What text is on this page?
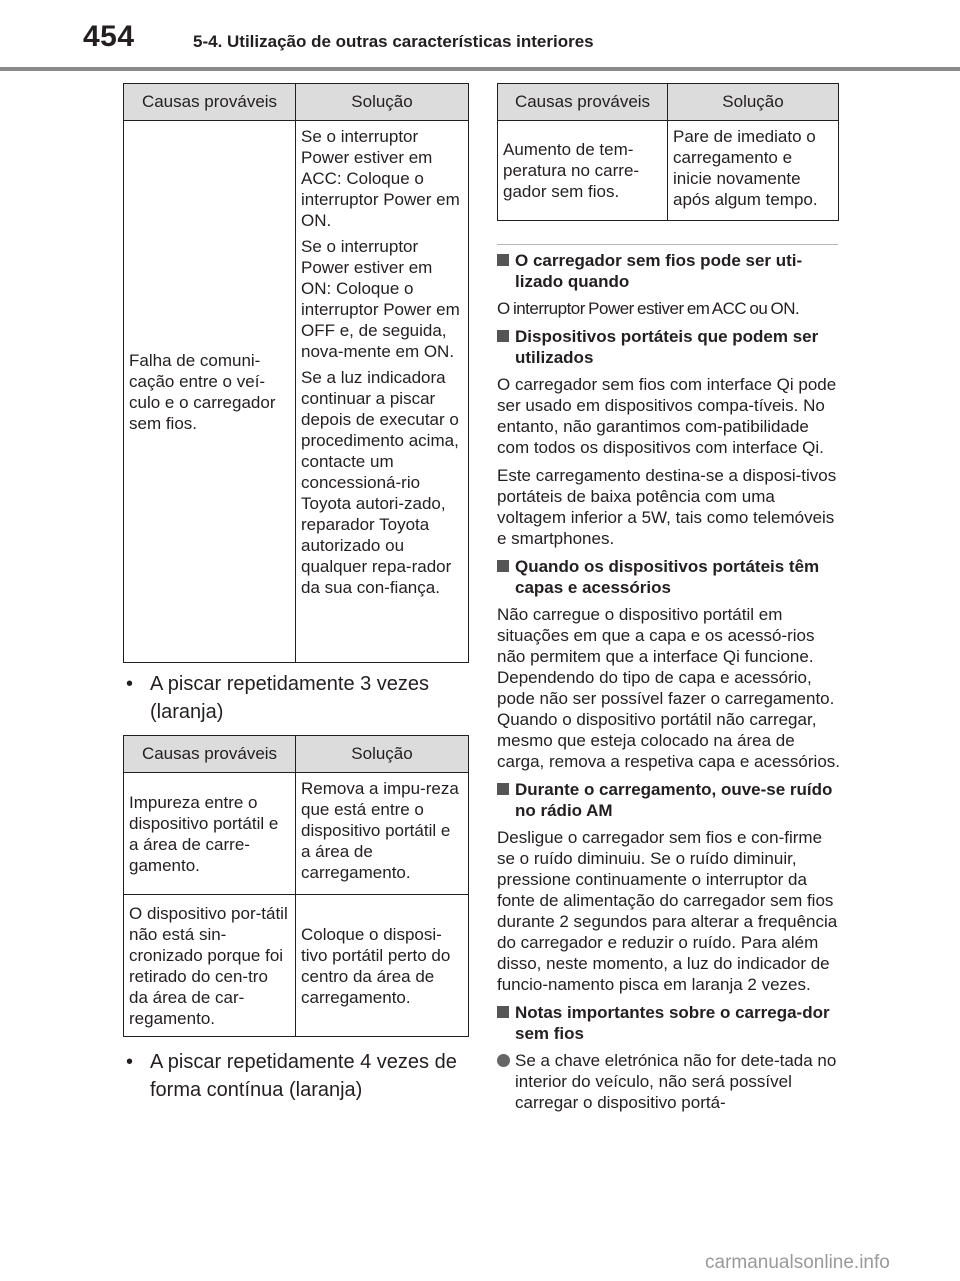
454	5-4. Utilização de outras características interiores
Causas prováveis	Solução
Falha de comuni-cação entre o veí-culo e o carregador sem fios.	Se o interruptor Power estiver em ACC: Coloque o interruptor Power em ON.
Se o interruptor Power estiver em ON: Coloque o interruptor Power em OFF e, de seguida, nova-mente em ON.
Se a luz indicadora continuar a piscar depois de executar o procedimento acima, contacte um concessioná-rio Toyota autori-zado, reparador Toyota autorizado ou qualquer repa-rador da sua con-fiança.
• A piscar repetidamente 3 vezes (laranja)
Causas prováveis	Solução
Impureza entre o dispositivo portátil e a área de carre-gamento.	Remova a impu-reza que está entre o dispositivo portátil e a área de carregamento.
O dispositivo por-tátil não está sin-cronizado porque foi retirado do cen-tro da área de car-regamento.	Coloque o disposi-tivo portátil perto do centro da área de carregamento.
• A piscar repetidamente 4 vezes de forma contínua (laranja)
Causas prováveis	Solução
Aumento de tem-peratura no carre-gador sem fios.	Pare de imediato o carregamento e inicie novamente após algum tempo.
O carregador sem fios pode ser uti-lizado quando
O interruptor Power estiver em ACC ou ON.
Dispositivos portáteis que podem ser utilizados
O carregador sem fios com interface Qi pode ser usado em dispositivos compa-tíveis. No entanto, não garantimos com-patibilidade com todos os dispositivos com interface Qi.
Este carregamento destina-se a disposi-tivos portáteis de baixa potência com uma voltagem inferior a 5W, tais como telemóveis e smartphones.
Quando os dispositivos portáteis têm capas e acessórios
Não carregue o dispositivo portátil em situações em que a capa e os acessó-rios não permitem que a interface Qi funcione. Dependendo do tipo de capa e acessório, pode não ser possível fazer o carregamento. Quando o dispositivo portátil não carregar, mesmo que esteja colocado na área de carga, remova a respetiva capa e acessórios.
Durante o carregamento, ouve-se ruído no rádio AM
Desligue o carregador sem fios e con-firme se o ruído diminuiu. Se o ruído diminuir, pressione continuamente o interruptor da fonte de alimentação do carregador sem fios durante 2 segundos para alterar a frequência do carregador e reduzir o ruído. Para além disso, neste momento, a luz do indicador de funcio-namento pisca em laranja 2 vezes.
Notas importantes sobre o carrega-dor sem fios
Se a chave eletrónica não for dete-tada no interior do veículo, não será possível carregar o dispositivo portá-
carmanualsonline.info
